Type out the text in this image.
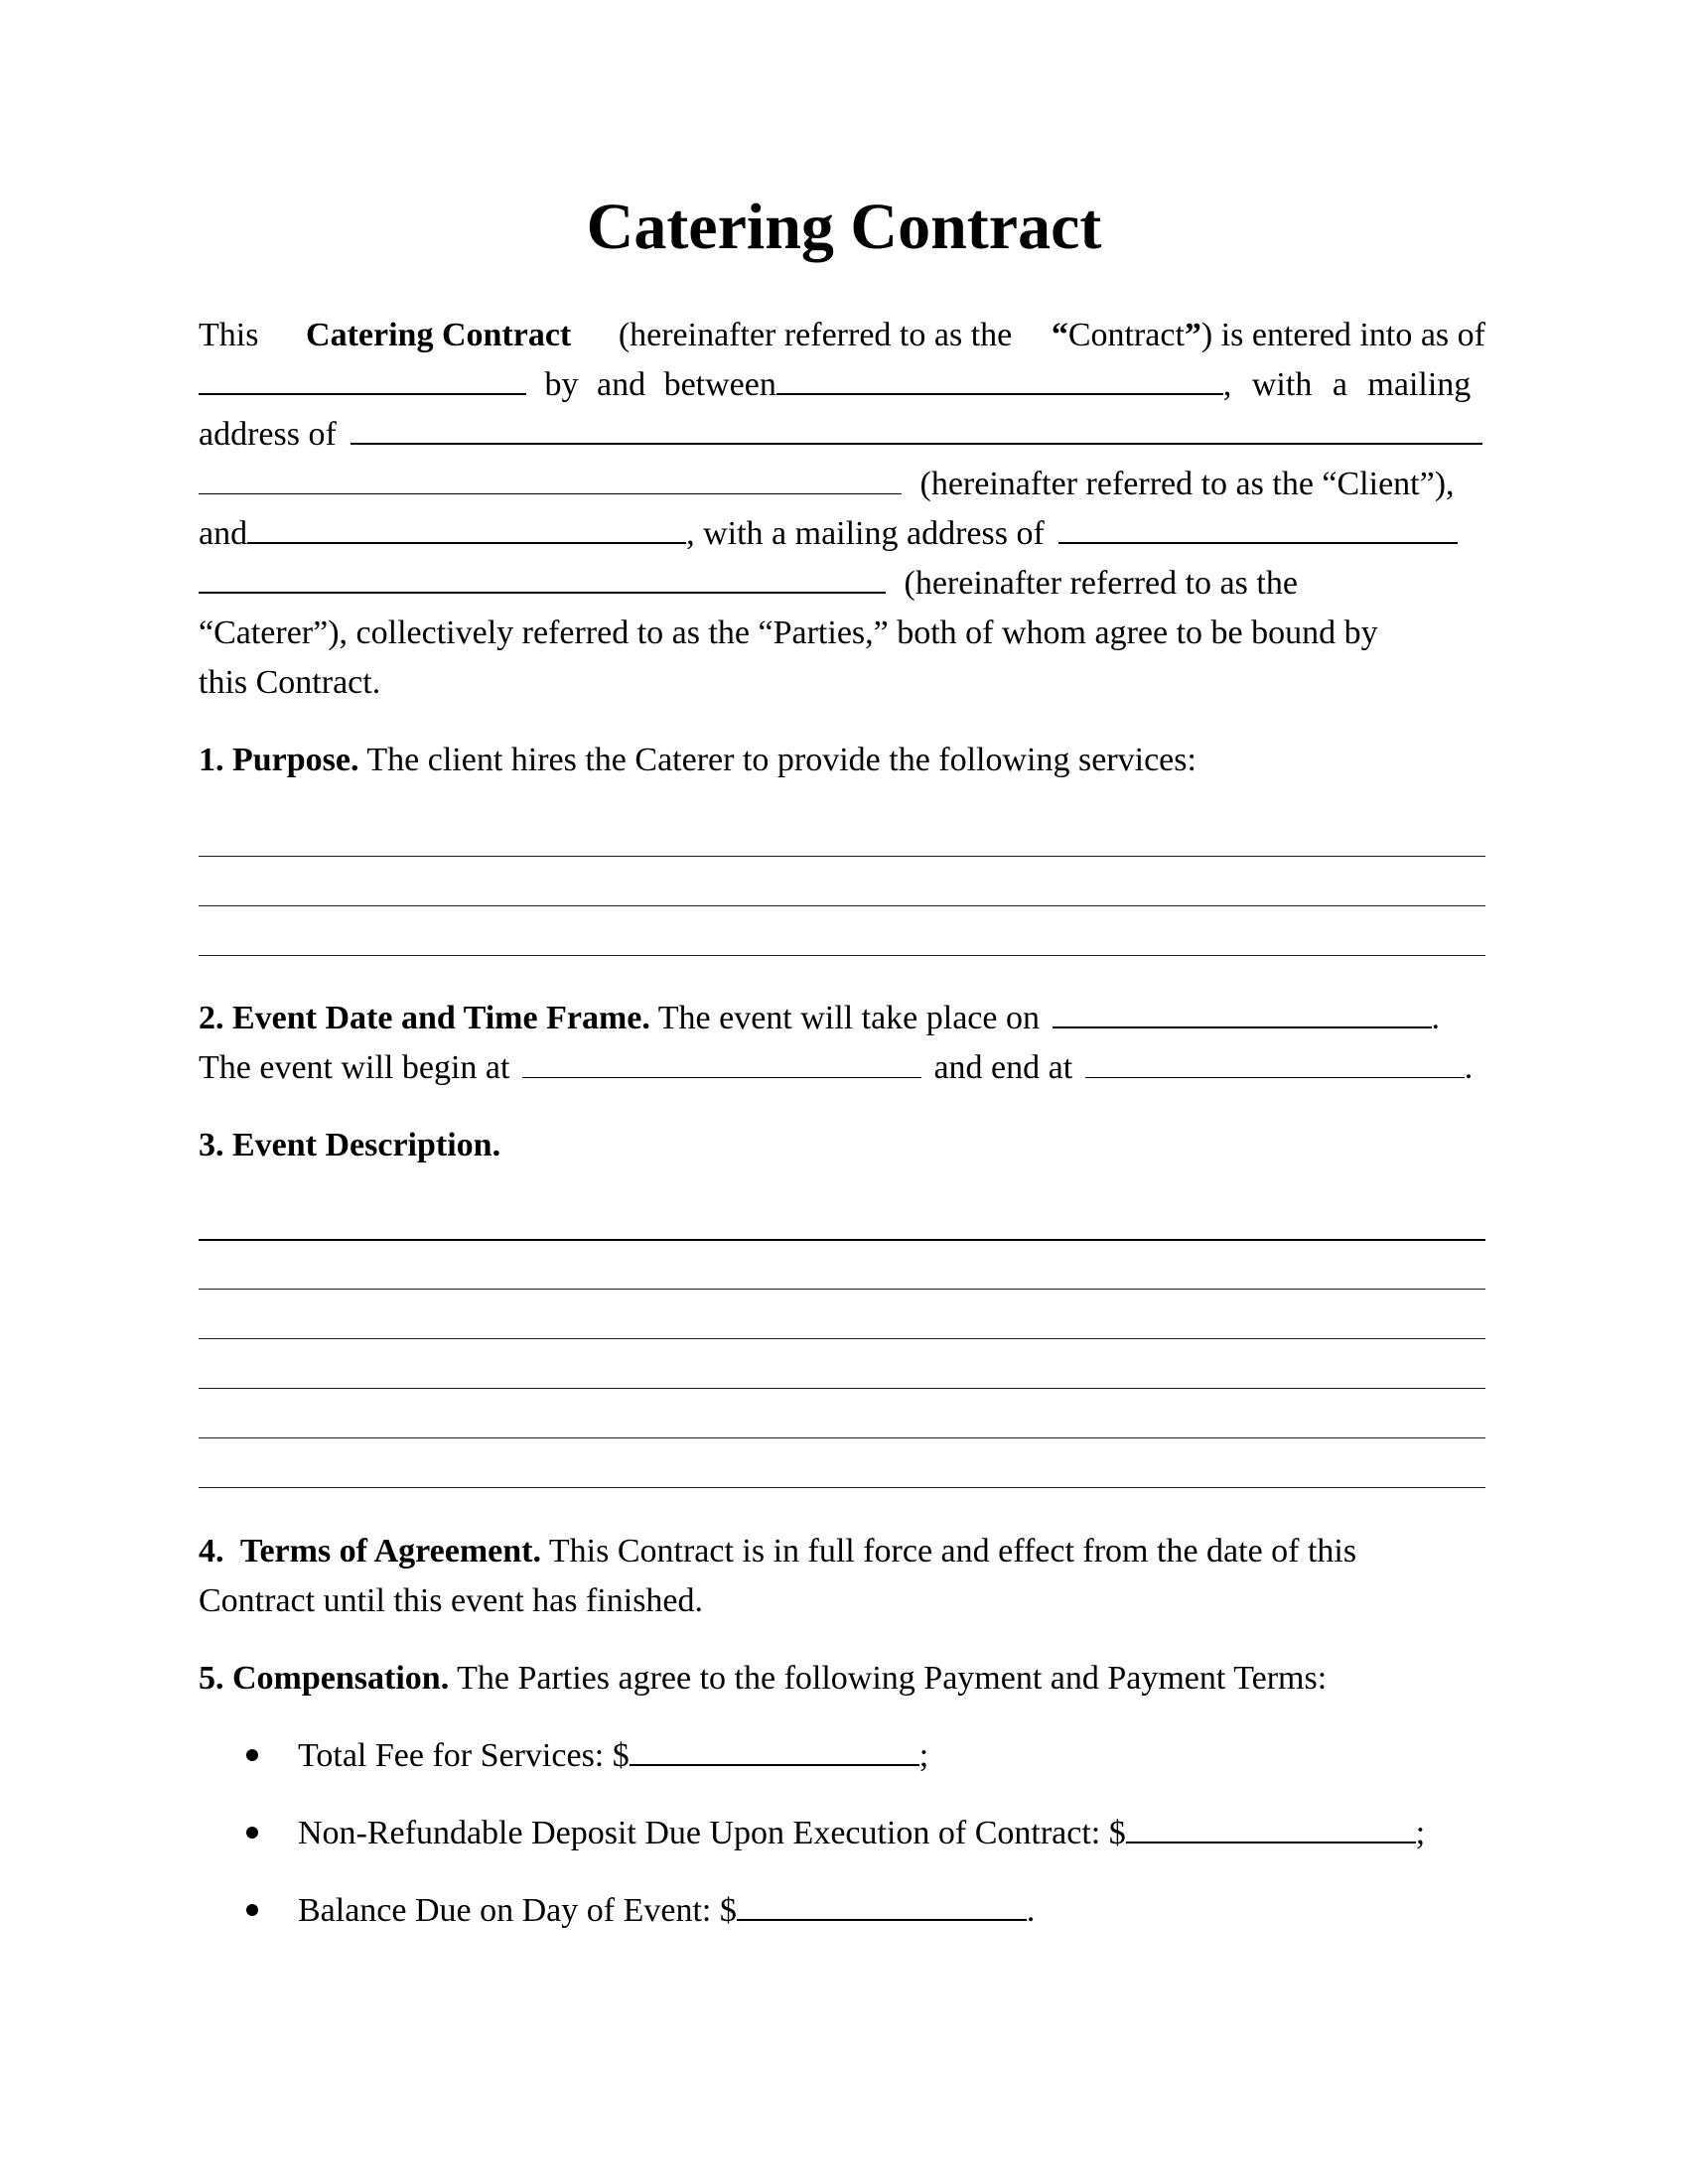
Catering Contract
This Catering Contract (hereinafter referred to as the “Contract”) is entered into as of
by and between	, with a mailing
address of
(hereinafter referred to as the “Client”),
and	, with a mailing address of
(hereinafter referred to as the
“Caterer”), collectively referred to as the “Parties,” both of whom agree to be bound by
this Contract.
1. Purpose. The client hires the Caterer to provide the following services:
2. Event Date and Time Frame. The event will take place on	.
The event will begin at	and end at	.
3. Event Description.
4.  Terms of Agreement. This Contract is in full force and effect from the date of this
Contract until this event has finished.
5. Compensation. The Parties agree to the following Payment and Payment Terms:
Total Fee for Services: $	;
Non-Refundable Deposit Due Upon Execution of Contract: $	;
Balance Due on Day of Event: $	.
